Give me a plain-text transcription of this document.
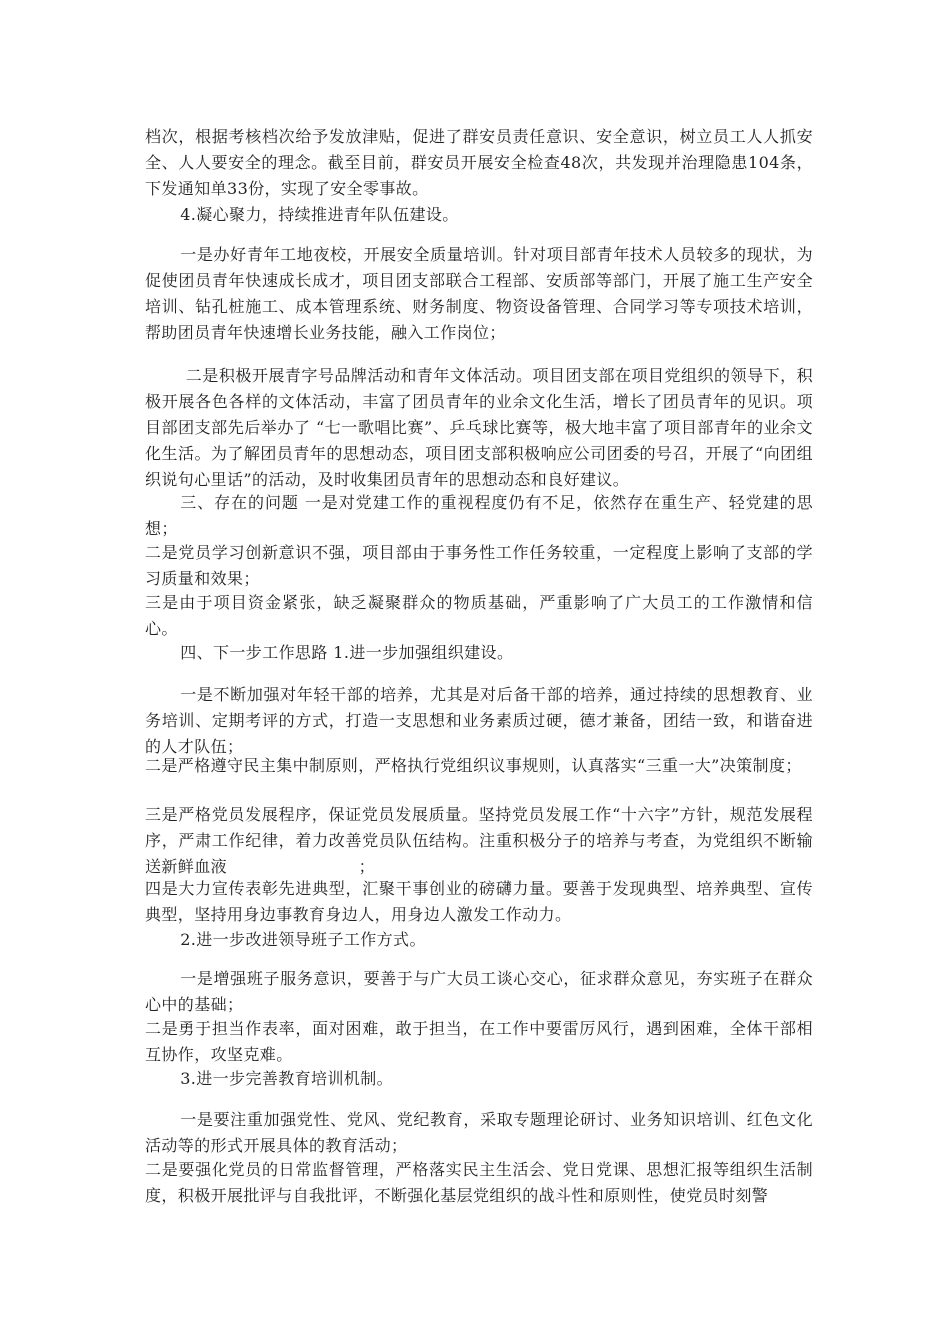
档次，根据考核档次给予发放津贴，促进了群安员责任意识、安全意识，树立员工人人抓安全、人人要安全的理念。截至目前，群安员开展安全检查48次，共发现并治理隐患104条，下发通知单33份，实现了安全零事故。

4.凝心聚力，持续推进青年队伍建设。

一是办好青年工地夜校，开展安全质量培训。针对项目部青年技术人员较多的现状，为促使团员青年快速成长成才，项目团支部联合工程部、安质部等部门，开展了施工生产安全培训、钻孔桩施工、成本管理系统、财务制度、物资设备管理、合同学习等专项技术培训，帮助团员青年快速增长业务技能，融入工作岗位；

二是积极开展青字号品牌活动和青年文体活动。项目团支部在项目党组织的领导下，积极开展各色各样的文体活动，丰富了团员青年的业余文化生活，增长了团员青年的见识。项目部团支部先后举办了 “七一歌唱比赛”、乒乓球比赛等，极大地丰富了项目部青年的业余文化生活。为了解团员青年的思想动态，项目团支部积极响应公司团委的号召，开展了“向团组织说句心里话”的活动，及时收集团员青年的思想动态和良好建议。

三、存在的问题 一是对党建工作的重视程度仍有不足，依然存在重生产、轻党建的思想；

二是党员学习创新意识不强，项目部由于事务性工作任务较重，一定程度上影响了支部的学习质量和效果；

三是由于项目资金紧张，缺乏凝聚群众的物质基础，严重影响了广大员工的工作激情和信心。

四、下一步工作思路 1.进一步加强组织建设。

一是不断加强对年轻干部的培养，尤其是对后备干部的培养，通过持续的思想教育、业务培训、定期考评的方式，打造一支思想和业务素质过硬，德才兼备，团结一致，和谐奋进的人才队伍；

二是严格遵守民主集中制原则，严格执行党组织议事规则，认真落实“三重一大”决策制度；

三是严格党员发展程序，保证党员发展质量。坚持党员发展工作“十六字”方针，规范发展程序，严肃工作纪律，着力改善党员队伍结构。注重积极分子的培养与考查，为党组织不断输送新鲜血液                        ；

四是大力宣传表彰先进典型，汇聚干事创业的磅礴力量。要善于发现典型、培养典型、宣传典型，坚持用身边事教育身边人，用身边人激发工作动力。

2.进一步改进领导班子工作方式。

一是增强班子服务意识，要善于与广大员工谈心交心，征求群众意见，夯实班子在群众心中的基础；

二是勇于担当作表率，面对困难，敢于担当，在工作中要雷厉风行，遇到困难，全体干部相互协作，攻坚克难。

3.进一步完善教育培训机制。

一是要注重加强党性、党风、党纪教育，采取专题理论研讨、业务知识培训、红色文化活动等的形式开展具体的教育活动；

二是要强化党员的日常监督管理，严格落实民主生活会、党日党课、思想汇报等组织生活制度，积极开展批评与自我批评，不断强化基层党组织的战斗性和原则性，使党员时刻警
